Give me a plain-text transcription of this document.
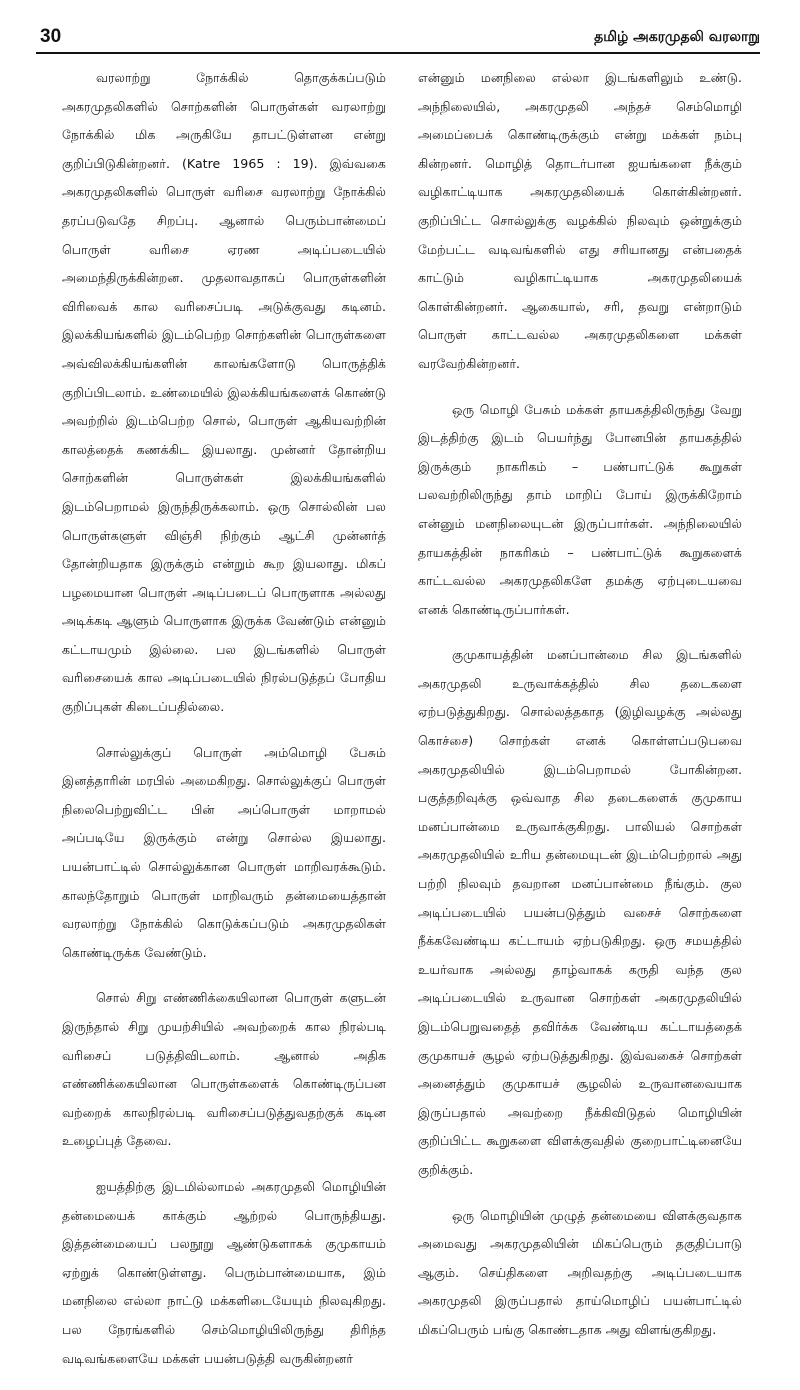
30	தமிழ் அகரமுதலி வரலாறு

வரலாற்று நோக்கில் தொகுக்கப்படும் அகரமுதலிகளில் சொற்களின் பொருள்கள் வரலாற்று நோக்கில் மிக அருகியே தாபட்டுள்ளன என்று குறிப்பிடுகின்றனர். (Katre 1965 : 19). இவ்வகை அகரமுதலிகளில் பொருள் வரிசை வரலாற்று நோக்கில் தரப்படுவதே சிறப்பு. ஆனால் பெரும்பான்மைப் பொருள் வரிசை ஏரண அடிப்படையில் அமைந்திருக்கின்றன. முதலாவதாகப் பொருள்களின் விரிவைக் கால வரிசைப்படி அடுக்குவது கடினம். இலக்கியங்களில் இடம்பெற்ற சொற்களின் பொருள்களை அவ்விலக்கியங்களின் காலங்களோடு பொருத்திக் குறிப்பிடலாம். உண்மையில் இலக்கியங்களைக் கொண்டு அவற்றில் இடம்பெற்ற சொல், பொருள் ஆகியவற்றின் காலத்தைக் கணக்கிட இயலாது. முன்னர் தோன்றிய சொற்களின் பொருள்கள் இலக்கியங்களில் இடம்பெறாமல் இருந்திருக்கலாம். ஒரு சொல்லின் பல பொருள்களுள் விஞ்சி நிற்கும் ஆட்சி முன்னர்த் தோன்றியதாக இருக்கும் என்றும் கூற இயலாது. மிகப் பழமையான பொருள் அடிப்படைப் பொருளாக அல்லது அடிக்கடி ஆளும் பொருளாக இருக்க வேண்டும் என்னும் கட்டாயமும் இல்லை. பல இடங்களில் பொருள் வரிசையைக் கால அடிப்படையில் நிரல்படுத்தப் போதிய குறிப்புகள் கிடைப்பதில்லை.

சொல்லுக்குப் பொருள் அம்மொழி பேசும் இனத்தாரின் மரபில் அமைகிறது. சொல்லுக்குப் பொருள் நிலைபெற்றுவிட்ட பின் அப்பொருள் மாறாமல் அப்படியே இருக்கும் என்று சொல்ல இயலாது. பயன்பாட்டில் சொல்லுக்கான பொருள் மாறிவரக்கூடும். காலந்தோறும் பொருள் மாறிவரும் தன்மையைத்தான் வரலாற்று நோக்கில் கொடுக்கப்படும் அகரமுதலிகள் கொண்டிருக்க வேண்டும்.

சொல் சிறு எண்ணிக்கையிலான பொருள் களுடன் இருந்தால் சிறு முயற்சியில் அவற்றைக் கால நிரல்படி வரிசைப் படுத்திவிடலாம். ஆனால் அதிக எண்ணிக்கையிலான பொருள்களைக் கொண்டிருப்பன வற்றைக் காலநிரல்படி வரிசைப்படுத்துவதற்குக் கடின உழைப்புத் தேவை.

ஐயத்திற்கு இடமில்லாமல் அகரமுதலி மொழியின் தன்மையைக் காக்கும் ஆற்றல் பொருந்தியது. இத்தன்மையைப் பலநூறு ஆண்டுகளாகக் குமுகாயம் ஏற்றுக் கொண்டுள்ளது. பெரும்பான்மையாக, இம் மனநிலை எல்லா நாட்டு மக்களிடையேயும் நிலவுகிறது. பல நேரங்களில் செம்மொழியிலிருந்து திரிந்த வடிவங்களையே மக்கள் பயன்படுத்தி வருகின்றனர்

என்னும் மனநிலை எல்லா இடங்களிலும் உண்டு. அந்நிலையில், அகரமுதலி அந்தச் செம்மொழி அமைப்பைக் கொண்டிருக்கும் என்று மக்கள் நம்பு கின்றனர். மொழித் தொடர்பான ஐயங்களை நீக்கும் வழிகாட்டியாக அகரமுதலியைக் கொள்கின்றனர். குறிப்பிட்ட சொல்லுக்கு வழக்கில் நிலவும் ஒன்றுக்கும் மேற்பட்ட வடிவங்களில் எது சரியானது என்பதைக் காட்டும் வழிகாட்டியாக அகரமுதலியைக் கொள்கின்றனர். ஆகையால், சரி, தவறு என்றாடும் பொருள் காட்டவல்ல அகரமுதலிகளை மக்கள் வரவேற்கின்றனர்.

ஒரு மொழி பேசும் மக்கள் தாயகத்திலிருந்து வேறு இடத்திற்கு இடம் பெயர்ந்து போனபின் தாயகத்தில் இருக்கும் நாகரிகம் – பண்பாட்டுக் கூறுகள் பலவற்றிலிருந்து தாம் மாறிப் போய் இருக்கிறோம் என்னும் மனநிலையுடன் இருப்பார்கள். அந்நிலையில் தாயகத்தின் நாகரிகம் – பண்பாட்டுக் கூறுகளைக் காட்டவல்ல அகரமுதலிகளே தமக்கு ஏற்புடையவை எனக் கொண்டிருப்பார்கள்.

குமுகாயத்தின் மனப்பான்மை சில இடங்களில் அகரமுதலி உருவாக்கத்தில் சில தடைகளை ஏற்படுத்துகிறது. சொல்லத்தகாத (இழிவழக்கு அல்லது கொச்சை) சொற்கள் எனக் கொள்ளப்படுபவை அகரமுதலியில் இடம்பெறாமல் போகின்றன. பகுத்தறிவுக்கு ஒவ்வாத சில தடைகளைக் குமுகாய மனப்பான்மை உருவாக்குகிறது. பாலியல் சொற்கள் அகரமுதலியில் உரிய தன்மையுடன் இடம்பெற்றால் அது பற்றி நிலவும் தவறான மனப்பான்மை நீங்கும். குல அடிப்படையில் பயன்படுத்தும் வசைச் சொற்களை நீக்கவேண்டிய கட்டாயம் ஏற்படுகிறது. ஒரு சமயத்தில் உயர்வாக அல்லது தாழ்வாகக் கருதி வந்த குல அடிப்படையில் உருவான சொற்கள் அகரமுதலியில் இடம்பெறுவதைத் தவிர்க்க வேண்டிய கட்டாயத்தைக் குமுகாயச் சூழல் ஏற்படுத்துகிறது. இவ்வகைச் சொற்கள் அனைத்தும் குமுகாயச் சூழலில் உருவானவையாக இருப்பதால் அவற்றை நீக்கிவிடுதல் மொழியின் குறிப்பிட்ட கூறுகளை விளக்குவதில் குறைபாட்டினையே குறிக்கும்.

ஒரு மொழியின் முழுத் தன்மையை விளக்குவதாக அமைவது அகரமுதலியின் மிகப்பெரும் தகுதிப்பாடு ஆகும். செய்திகளை அறிவதற்கு அடிப்படையாக அகரமுதலி இருப்பதால் தாய்மொழிப் பயன்பாட்டில் மிகப்பெரும் பங்கு கொண்டதாக அது விளங்குகிறது.
